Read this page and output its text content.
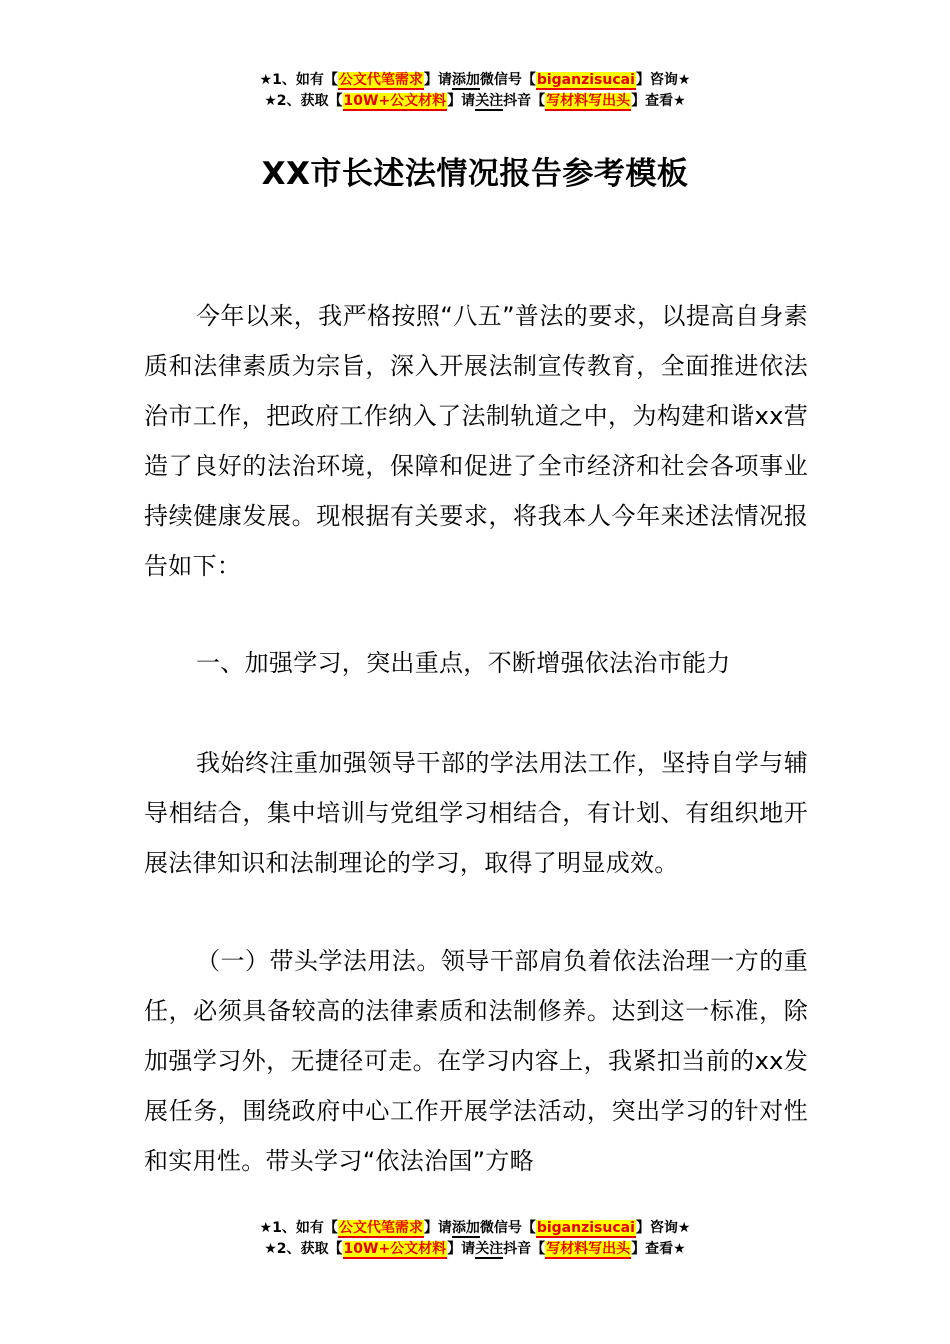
★1、如有【公文代笔需求】请添加微信号【biganzisucai】咨询★
★2、获取【10W+公文材料】请关注抖音【写材料写出头】查看★
XX市长述法情况报告参考模板

今年以来，我严格按照“八五”普法的要求，以提高自身素质和法律素质为宗旨，深入开展法制宣传教育，全面推进依法治市工作，把政府工作纳入了法制轨道之中，为构建和谐xx营造了良好的法治环境，保障和促进了全市经济和社会各项事业持续健康发展。现根据有关要求，将我本人今年来述法情况报告如下：

一、加强学习，突出重点，不断增强依法治市能力

我始终注重加强领导干部的学法用法工作，坚持自学与辅导相结合，集中培训与党组学习相结合，有计划、有组织地开展法律知识和法制理论的学习，取得了明显成效。

（一）带头学法用法。领导干部肩负着依法治理一方的重任，必须具备较高的法律素质和法制修养。达到这一标准，除加强学习外，无捷径可走。在学习内容上，我紧扣当前的xx发展任务，围绕政府中心工作开展学法活动，突出学习的针对性和实用性。带头学习“依法治国”方略

★1、如有【公文代笔需求】请添加微信号【biganzisucai】咨询★
★2、获取【10W+公文材料】请关注抖音【写材料写出头】查看★
